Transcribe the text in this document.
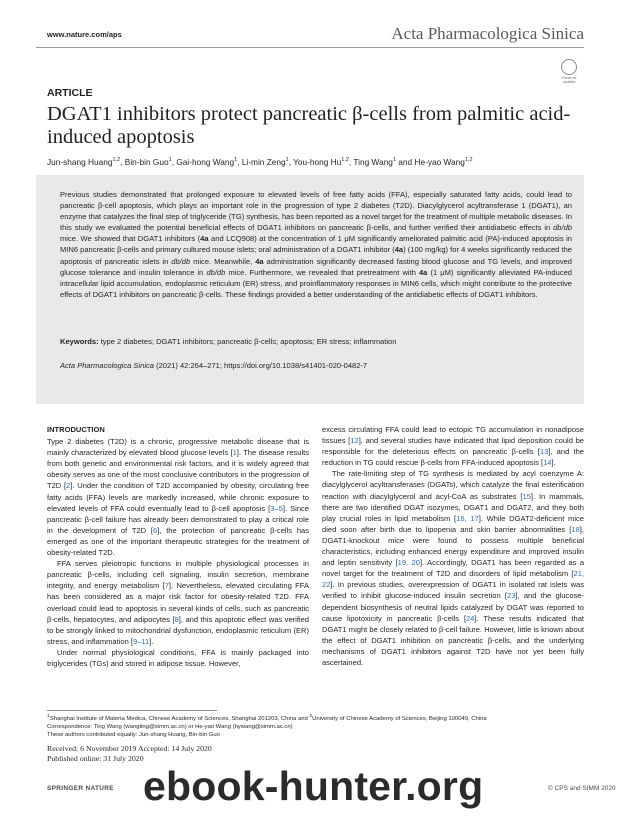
www.nature.com/aps	Acta Pharmacologica Sinica
Check for updates
ARTICLE
DGAT1 inhibitors protect pancreatic β-cells from palmitic acid-induced apoptosis
Jun-shang Huang$^{1,2}$, Bin-bin Guo$^1$, Gai-hong Wang$^1$, Li-min Zeng$^1$, You-hong Hu$^{1,2}$, Ting Wang$^1$ and He-yao Wang$^{1,2}$

Previous studies demonstrated that prolonged exposure to elevated levels of free fatty acids (FFA), especially saturated fatty acids, could lead to pancreatic β-cell apoptosis, which plays an important role in the progression of type 2 diabetes (T2D). Diacylglycerol acyltransferase 1 (DGAT1), an enzyme that catalyzes the final step of triglyceride (TG) synthesis, has been reported as a novel target for the treatment of multiple metabolic diseases. In this study we evaluated the potential beneficial effects of DGAT1 inhibitors on pancreatic β-cells, and further verified their antidiabetic effects in db/db mice. We showed that DGAT1 inhibitors (4a and LCQ908) at the concentration of 1 μM significantly ameliorated palmitic acid (PA)-induced apoptosis in MIN6 pancreatic β-cells and primary cultured mouse islets; oral administration of a DGAT1 inhibitor (4a) (100 mg/kg) for 4 weeks significantly reduced the apoptosis of pancreatic islets in db/db mice. Meanwhile, 4a administration significantly decreased fasting blood glucose and TG levels, and improved glucose tolerance and insulin tolerance in db/db mice. Furthermore, we revealed that pretreatment with 4a (1 μM) significantly alleviated PA-induced intracellular lipid accumulation, endoplasmic reticulum (ER) stress, and proinflammatory responses in MIN6 cells, which might contribute to the protective effects of DGAT1 inhibitors on pancreatic β-cells. These findings provided a better understanding of the antidiabetic effects of DGAT1 inhibitors.

Keywords: type 2 diabetes; DGAT1 inhibitors; pancreatic β-cells; apoptosis; ER stress; inflammation

Acta Pharmacologica Sinica (2021) 42:264–271; https://doi.org/10.1038/s41401-020-0482-7

INTRODUCTION

Type 2 diabetes (T2D) is a chronic, progressive metabolic disease that is mainly characterized by elevated blood glucose levels [1]. The disease results from both genetic and environmental risk factors, and it is widely agreed that obesity serves as one of the most conclusive contributors in the progression of T2D [2]. Under the condition of T2D accompanied by obesity, circulating free fatty acids (FFA) levels are markedly increased, while chronic exposure to elevated levels of FFA could eventually lead to β-cell apoptosis [3–5]. Since pancreatic β-cell failure has already been demonstrated to play a critical role in the development of T2D [6], the protection of pancreatic β-cells has emerged as one of the important therapeutic strategies for the treatment of obesity-related T2D.

FFA serves pleiotropic functions in multiple physiological processes in pancreatic β-cells, including cell signaling, insulin secretion, membrane integrity, and energy metabolism [7]. Nevertheless, elevated circulating FFA has been considered as a major risk factor for obesity-related T2D. FFA overload could lead to apoptosis in several kinds of cells, such as pancreatic β-cells, hepatocytes, and adipocytes [8], and this apoptotic effect was verified to be strongly linked to mitochondrial dysfunction, endoplasmic reticulum (ER) stress, and inflammation [9–11].

Under normal physiological conditions, FFA is mainly packaged into triglycerides (TGs) and stored in adipose tissue. However,

excess circulating FFA could lead to ectopic TG accumulation in nonadipose tissues [12], and several studies have indicated that lipid deposition could be responsible for the deleterious effects on pancreatic β-cells [13], and the reduction in TG could rescue β-cells from FFA-induced apoptosis [14].

The rate-limiting step of TG synthesis is mediated by acyl coenzyme A: diacylglycerol acyltransferases (DGATs), which catalyze the final esterification reaction with diacylglycerol and acyl-CoA as substrates [15]. In mammals, there are two identified DGAT isozymes, DGAT1 and DGAT2, and they both play crucial roles in lipid metabolism [16, 17]. While DGAT2-deficient mice died soon after birth due to lipopenia and skin barrier abnormalities [18], DGAT1-knockout mice were found to possess multiple beneficial characteristics, including enhanced energy expenditure and improved insulin and leptin sensitivity [19, 20]. Accordingly, DGAT1 has been regarded as a novel target for the treatment of T2D and disorders of lipid metabolism [21, 22]. In previous studies, overexpression of DGAT1 in isolated rat islets was verified to inhibit glucose-induced insulin secretion [23], and the glucose-dependent biosynthesis of neutral lipids catalyzed by DGAT was reported to cause lipotoxicity in pancreatic β-cells [24]. These results indicated that DGAT1 might be closely related to β-cell failure. However, little is known about the effect of DGAT1 inhibition on pancreatic β-cells, and the underlying mechanisms of DGAT1 inhibitors against T2D have not yet been fully ascertained.

$^1$Shanghai Institute of Materia Medica, Chinese Academy of Sciences, Shanghai 201203, China and $^2$University of Chinese Academy of Sciences, Beijing 100049, China

Correspondence: Ting Wang (wangting@simm.ac.cn) or He-yao Wang (hywang@simm.ac.cn)

These authors contributed equally: Jun-shang Huang, Bin-bin Guo

Received: 6 November 2019 Accepted: 14 July 2020

Published online: 31 July 2020

SPRINGER NATURE	© CPS and SIMM 2020
ebook-hunter.org
